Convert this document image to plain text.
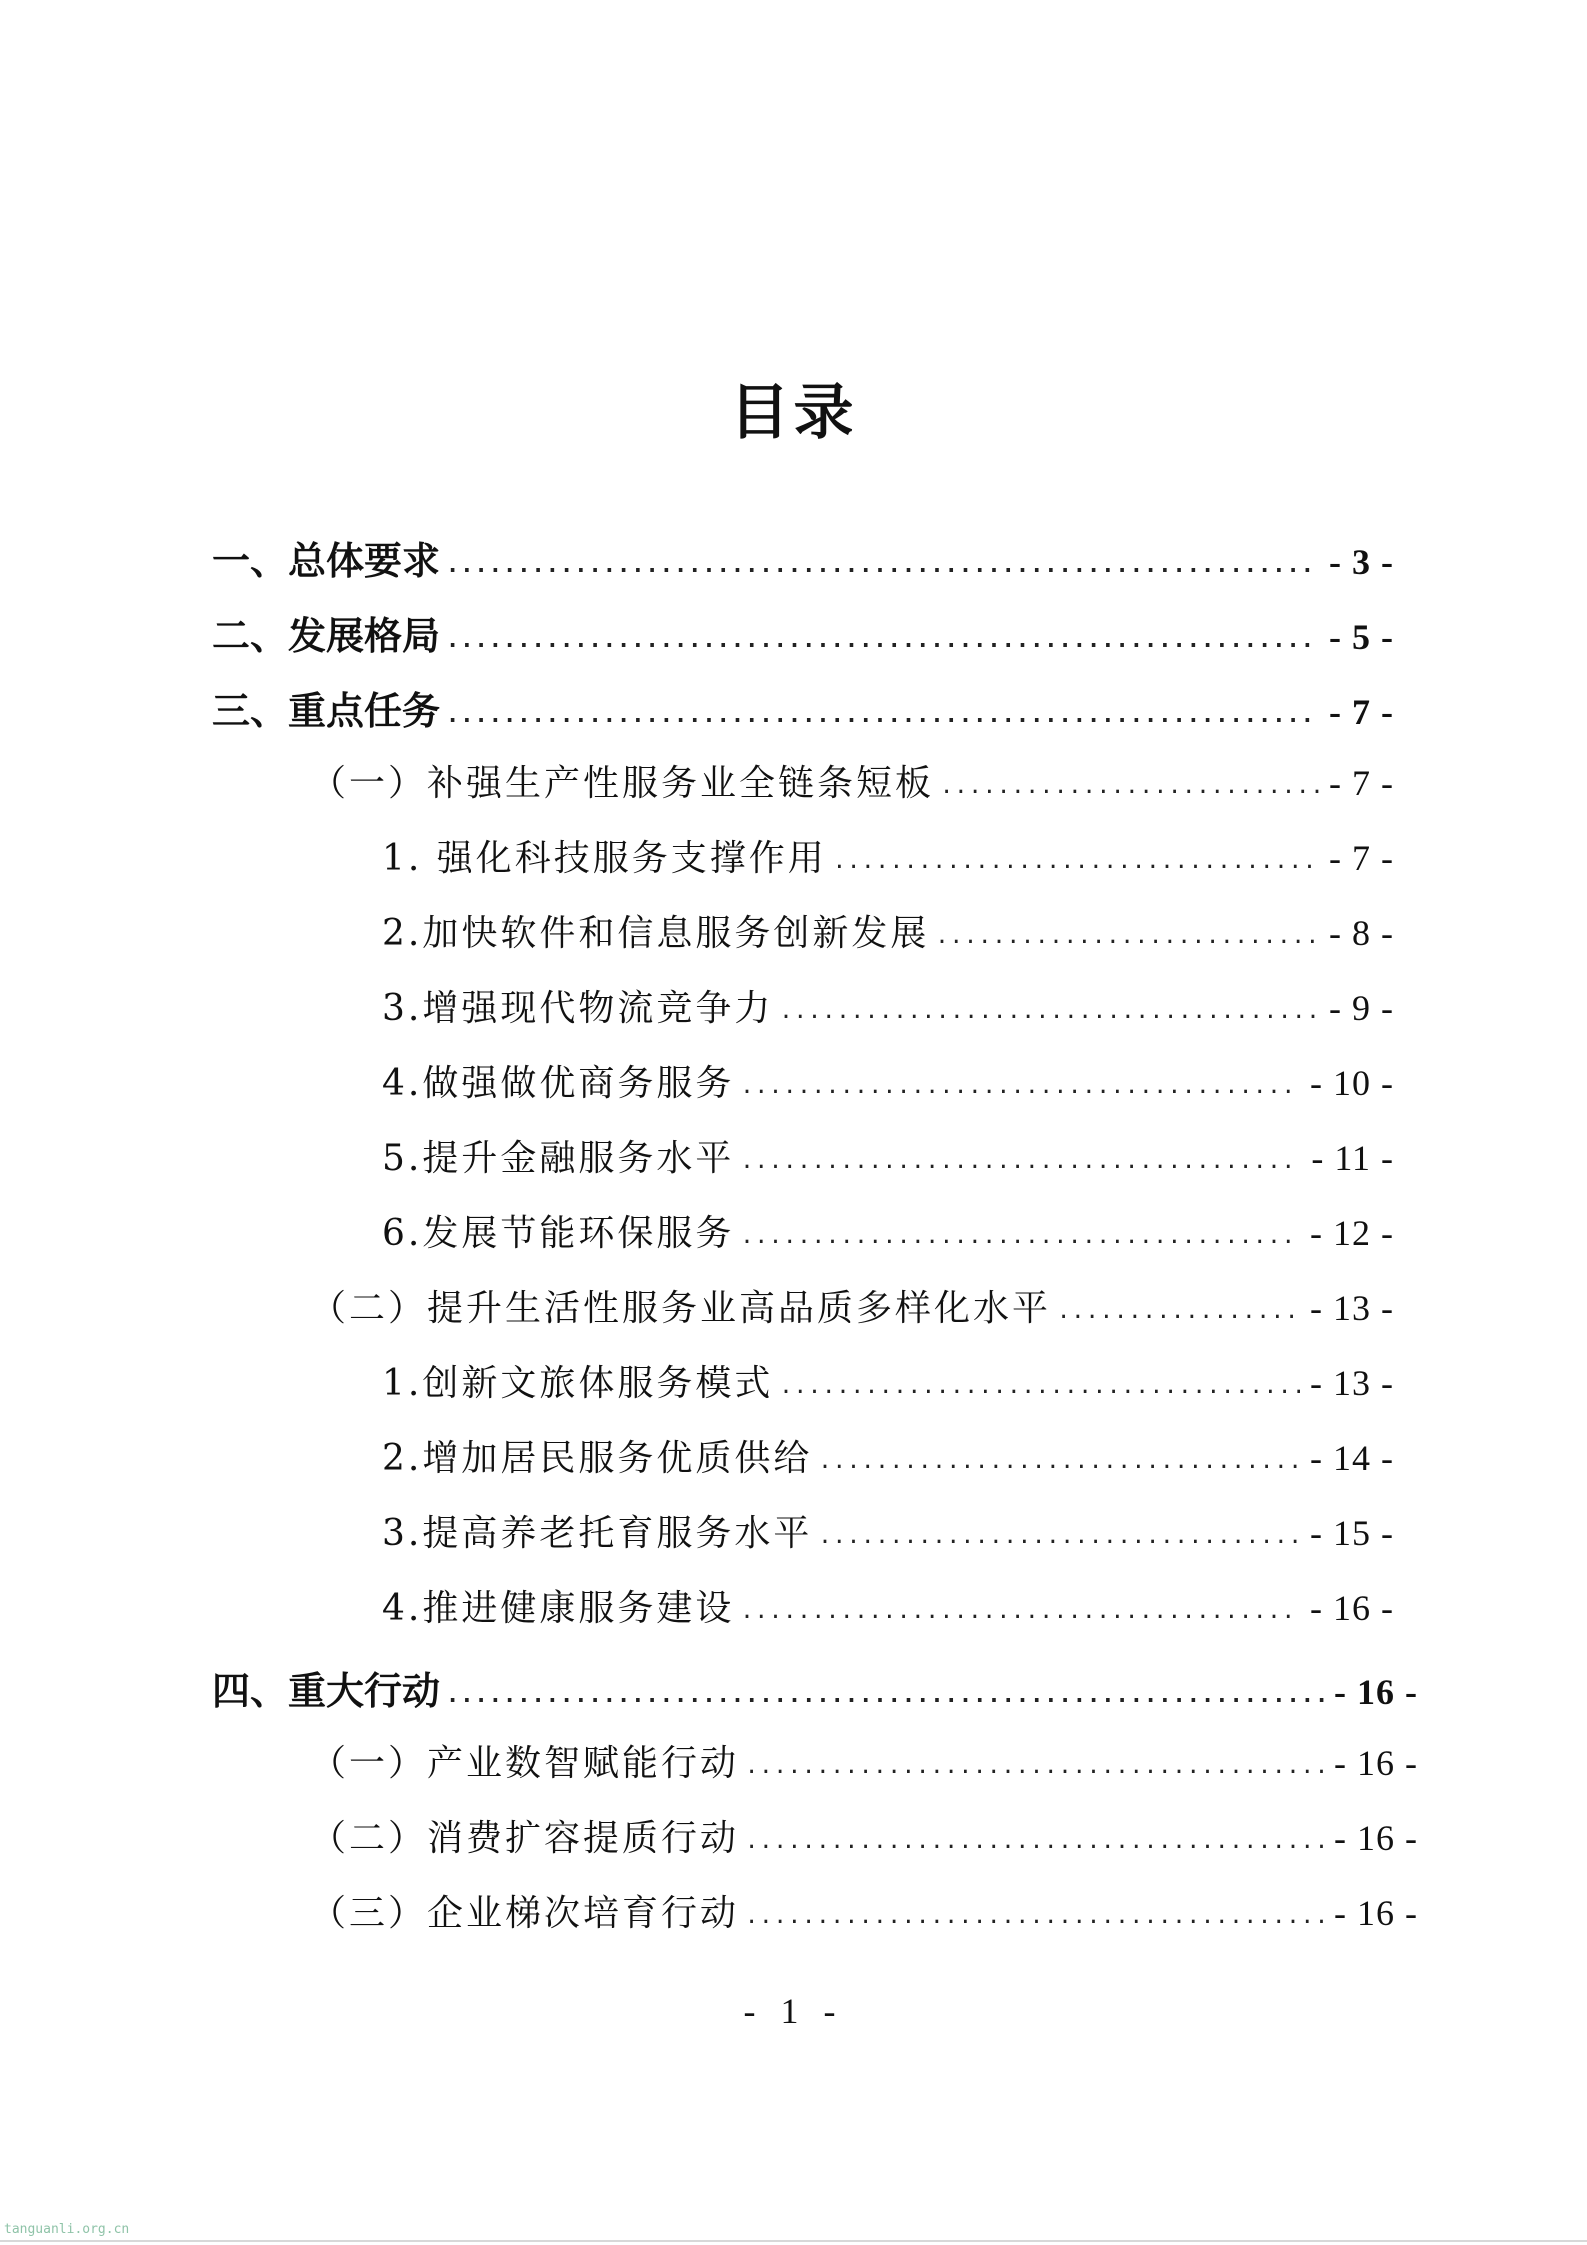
目录
一、总体要求 .....	- 3 -
二、发展格局 .....	- 5 -
三、重点任务 .....	- 7 -
（一）补强生产性服务业全链条短板 .....	- 7 -
1. 强化科技服务支撑作用 .....	- 7 -
2.加快软件和信息服务创新发展 .....	- 8 -
3.增强现代物流竞争力 .....	- 9 -
4.做强做优商务服务 .....	- 10 -
5.提升金融服务水平 .....	- 11 -
6.发展节能环保服务 .....	- 12 -
（二）提升生活性服务业高品质多样化水平 .....	- 13 -
1.创新文旅体服务模式 .....	- 13 -
2.增加居民服务优质供给 .....	- 14 -
3.提高养老托育服务水平 .....	- 15 -
4.推进健康服务建设 .....	- 16 -
四、重大行动 .....	- 16 -
（一）产业数智赋能行动 .....	- 16 -
（二）消费扩容提质行动 .....	- 16 -
（三）企业梯次培育行动 .....	- 16 -
- 1 -
tanguanli.org.cn
